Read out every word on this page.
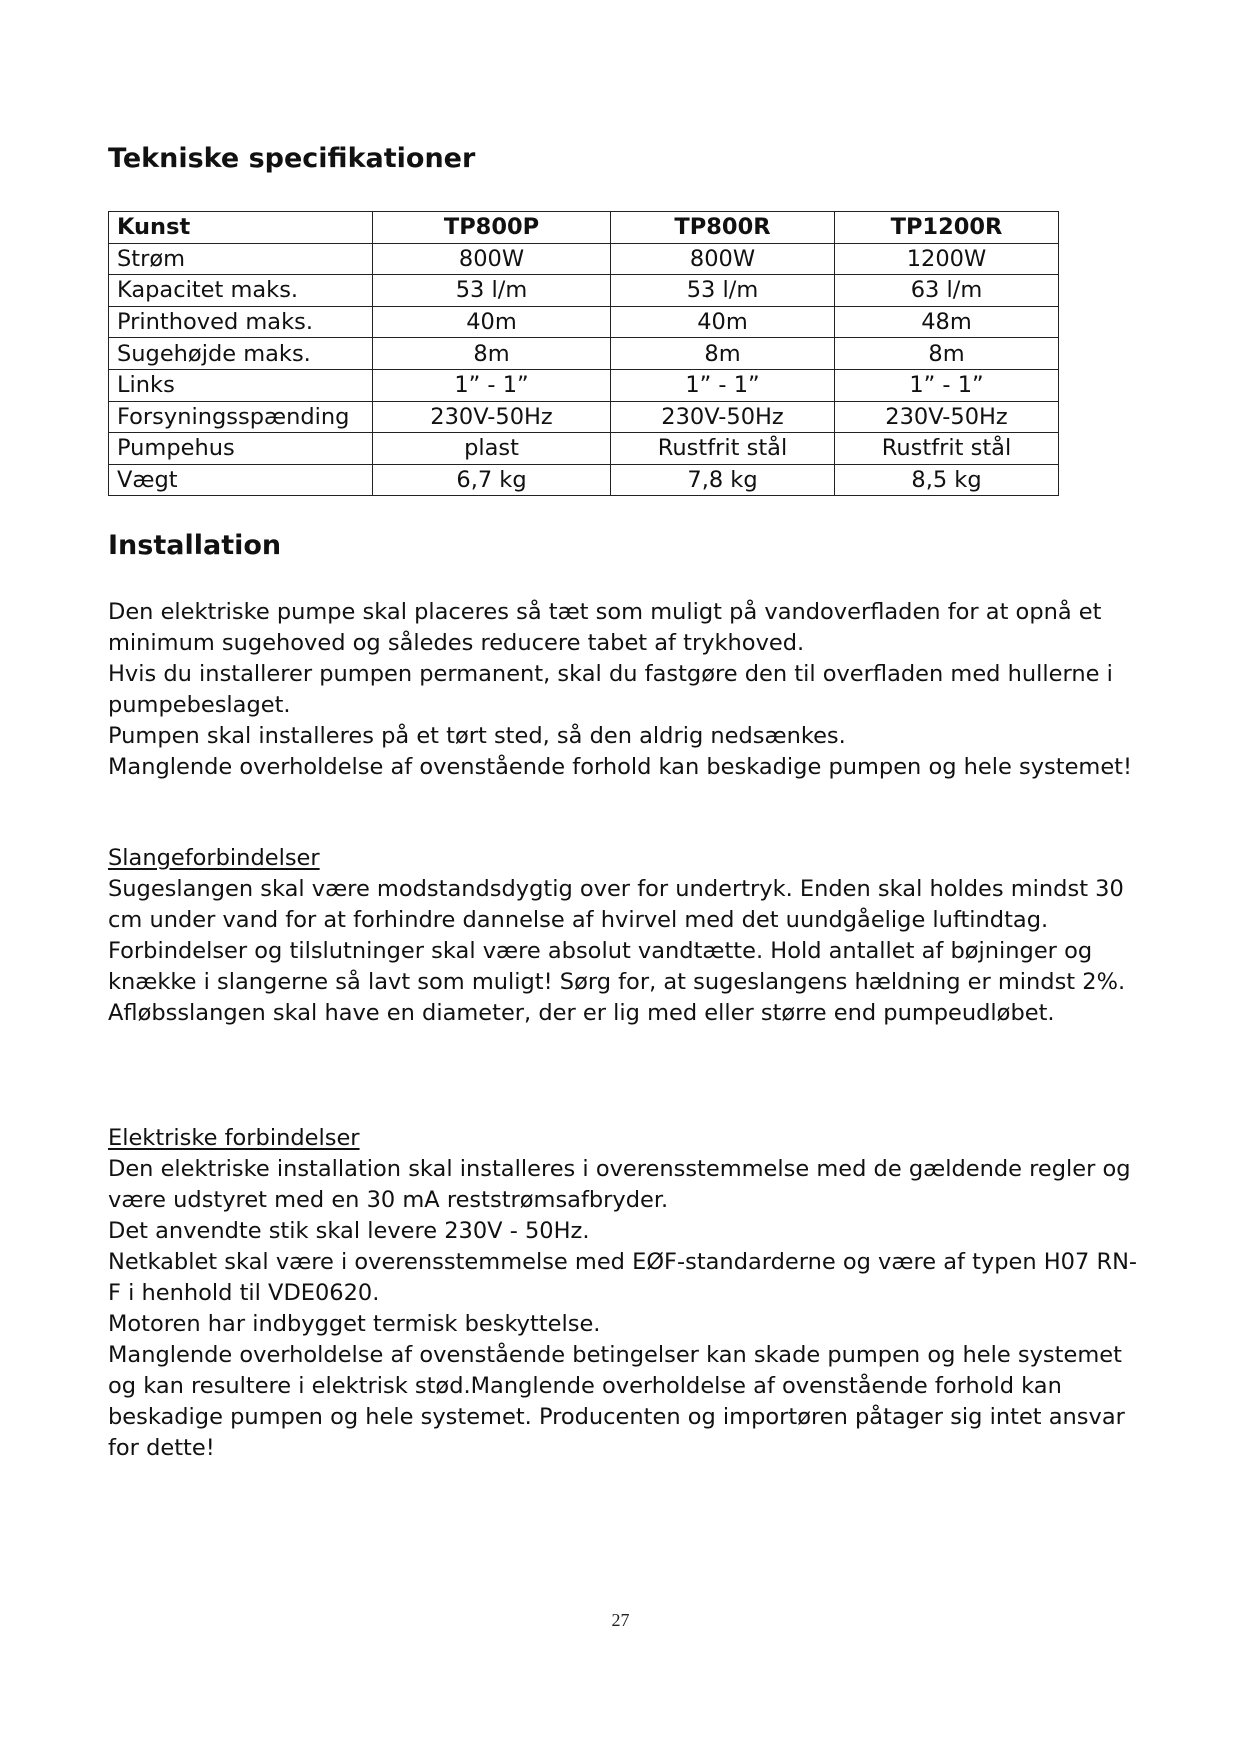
Tekniske specifikationer
Kunst	TP800P	TP800R	TP1200R
Strøm	800W	800W	1200W
Kapacitet maks.	53 l/m	53 l/m	63 l/m
Printhoved maks.	40m	40m	48m
Sugehøjde maks.	8m	8m	8m
Links	1” - 1”	1” - 1”	1” - 1”
Forsyningsspænding	230V-50Hz	230V-50Hz	230V-50Hz
Pumpehus	plast	Rustfrit stål	Rustfrit stål
Vægt	6,7 kg	7,8 kg	8,5 kg
Installation

Den elektriske pumpe skal placeres så tæt som muligt på vandoverfladen for at opnå et minimum sugehoved og således reducere tabet af trykhoved.

Hvis du installerer pumpen permanent, skal du fastgøre den til overfladen med hullerne i pumpebeslaget.

Pumpen skal installeres på et tørt sted, så den aldrig nedsænkes.

Manglende overholdelse af ovenstående forhold kan beskadige pumpen og hele systemet!

Slangeforbindelser

Sugeslangen skal være modstandsdygtig over for undertryk. Enden skal holdes mindst 30 cm under vand for at forhindre dannelse af hvirvel med det uundgåelige luftindtag.

Forbindelser og tilslutninger skal være absolut vandtætte. Hold antallet af bøjninger og knække i slangerne så lavt som muligt! Sørg for, at sugeslangens hældning er mindst 2%.

Afløbsslangen skal have en diameter, der er lig med eller større end pumpeudløbet.

Elektriske forbindelser

Den elektriske installation skal installeres i overensstemmelse med de gældende regler og være udstyret med en 30 mA reststrømsafbryder.

Det anvendte stik skal levere 230V - 50Hz.

Netkablet skal være i overensstemmelse med EØF-standarderne og være af typen H07 RN-F i henhold til VDE0620.

Motoren har indbygget termisk beskyttelse.

Manglende overholdelse af ovenstående betingelser kan skade pumpen og hele systemet og kan resultere i elektrisk stød.Manglende overholdelse af ovenstående forhold kan beskadige pumpen og hele systemet. Producenten og importøren påtager sig intet ansvar for dette!

27
